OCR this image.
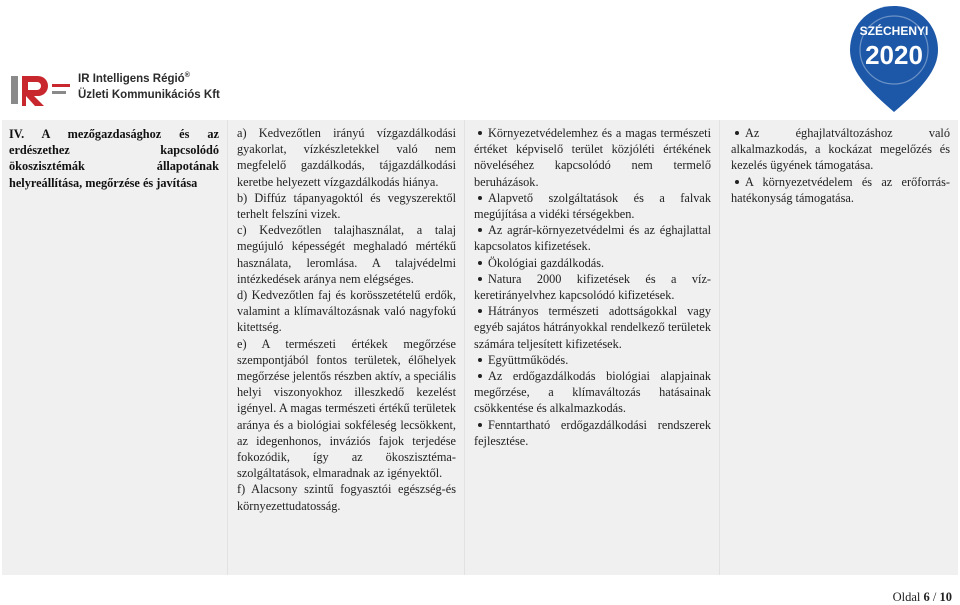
IR Intelligens Régió®
Üzleti Kommunikációs Kft
SZÉCHENYI
2020
IV. A mezőgazdasághoz és az
erdészethez kapcsolódó
ökoszisztémák állapotának
helyreállítása, megőrzése és javítása

a) Kedvezőtlen irányú vízgazdálkodási gyakorlat, vízkészletekkel való nem megfelelő gazdálkodás, tájgazdálkodási keretbe helyezett vízgazdálkodás hiánya.

b) Diffúz tápanyagoktól és vegyszerektől terhelt felszíni vizek.

c) Kedvezőtlen talajhasználat, a talaj megújuló képességét meghaladó mértékű használata, leromlása. A talajvédelmi intézkedések aránya nem elégséges.

d) Kedvezőtlen faj és korösszetételű erdők, valamint a klímaváltozásnak való nagyfokú kitettség.

e) A természeti értékek megőrzése szempontjából fontos területek, élőhelyek megőrzése jelentős részben aktív, a speciális helyi viszonyokhoz illeszkedő kezelést igényel. A magas természeti értékű területek aránya és a biológiai sokféleség lecsökkent, az idegenhonos, inváziós fajok terjedése fokozódik, így az ökoszisztéma-szolgáltatások, elmaradnak az igényektől.

f) Alacsony szintű fogyasztói egészség-és környezettudatosság.

Környezetvédelemhez és a magas természeti értéket képviselő terület közjóléti értékének növeléséhez kapcsolódó nem termelő beruházások.
Alapvető szolgáltatások és a falvak megújítása a vidéki térségekben.
Az agrár-környezetvédelmi és az éghajlattal kapcsolatos kifizetések.
Ökológiai gazdálkodás.
Natura 2000 kifizetések és a víz-keretirányelvhez kapcsolódó kifizetések.
Hátrányos természeti adottságokkal vagy egyéb sajátos hátrányokkal rendelkező területek számára teljesített kifizetések.
Együttműködés.
Az erdőgazdálkodás biológiai alapjainak megőrzése, a klímaváltozás hatásainak csökkentése és alkalmazkodás.
Fenntartható erdőgazdálkodási rendszerek fejlesztése.
Az éghajlatváltozáshoz való alkalmazkodás, a kockázat megelőzés és kezelés ügyének támogatása.
A környezetvédelem és az erőforrás-hatékonyság támogatása.
Oldal 6 / 10
